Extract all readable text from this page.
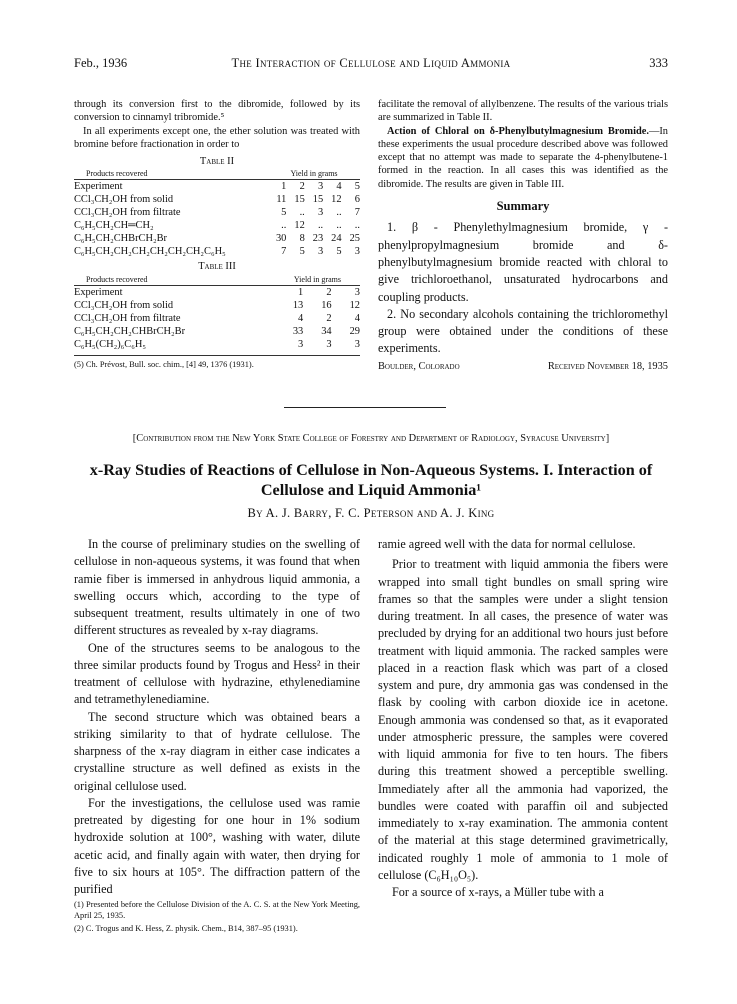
Feb., 1936	The Interaction of Cellulose and Liquid Ammonia	333

through its conversion first to the dibromide, followed by its conversion to cinnamyl tribromide.⁵

In all experiments except one, the ether solution was treated with bromine before fractionation in order to

Table II
Products recovered	Yield in grams				
Experiment	1	2	3	4	5
CCl₃CH₂OH from solid	11	15	15	12	6
CCl₃CH₂OH from filtrate	5	..	3	..	7
C₆H₅CH₂CH═CH₂	..	12	..	..	..
C₆H₅CH₂CHBrCH₂Br	30	8	23	24	25
C₆H₅CH₂CH₂CH₂CH₂CH₂CH₂C₆H₅	7	5	3	5	3
Table III
Products recovered	Yield in grams		
Experiment	1	2	3
CCl₃CH₂OH from solid	13	16	12
CCl₃CH₂OH from filtrate	4	2	4
C₆H₅CH₂CH₂CHBrCH₂Br	33	34	29
C₆H₅(CH₂)₆C₆H₅	3	3	3
(5) Ch. Prévost, Bull. soc. chim., [4] 49, 1376 (1931).

facilitate the removal of allylbenzene. The results of the various trials are summarized in Table II.

Action of Chloral on δ-Phenylbutylmagnesium Bromide.—In these experiments the usual procedure described above was followed except that no attempt was made to separate the 4-phenylbutene-1 formed in the reaction. In all cases this was identified as the dibromide. The results are given in Table III.

Summary

1. β - Phenylethylmagnesium bromide, γ - phenylpropylmagnesium bromide and δ-phenylbutylmagnesium bromide reacted with chloral to give trichloroethanol, unsaturated hydrocarbons and coupling products.

2. No secondary alcohols containing the trichloromethyl group were obtained under the conditions of these experiments.

Boulder, Colorado	Received November 18, 1935
[Contribution from the New York State College of Forestry and Department of Radiology, Syracuse University]
x-Ray Studies of Reactions of Cellulose in Non-Aqueous Systems. I. Interaction of Cellulose and Liquid Ammonia¹
By A. J. Barry, F. C. Peterson and A. J. King

In the course of preliminary studies on the swelling of cellulose in non-aqueous systems, it was found that when ramie fiber is immersed in anhydrous liquid ammonia, a swelling occurs which, according to the type of subsequent treatment, results ultimately in one of two different structures as revealed by x-ray diagrams.

One of the structures seems to be analogous to the three similar products found by Trogus and Hess² in their treatment of cellulose with hydrazine, ethylenediamine and tetramethylenediamine.

The second structure which was obtained bears a striking similarity to that of hydrate cellulose. The sharpness of the x-ray diagram in either case indicates a crystalline structure as well defined as exists in the original cellulose used.

For the investigations, the cellulose used was ramie pretreated by digesting for one hour in 1% sodium hydroxide solution at 100°, washing with water, dilute acetic acid, and finally again with water, then drying for five to six hours at 105°. The diffraction pattern of the purified

(1) Presented before the Cellulose Division of the A. C. S. at the New York Meeting, April 25, 1935.
(2) C. Trogus and K. Hess, Z. physik. Chem., B14, 387–95 (1931).

ramie agreed well with the data for normal cellulose.

Prior to treatment with liquid ammonia the fibers were wrapped into small tight bundles on small spring wire frames so that the samples were under a slight tension during treatment. In all cases, the presence of water was precluded by drying for an additional two hours just before treatment with liquid ammonia. The racked samples were placed in a reaction flask which was part of a closed system and pure, dry ammonia gas was condensed in the flask by cooling with carbon dioxide ice in acetone. Enough ammonia was condensed so that, as it evaporated under atmospheric pressure, the samples were covered with liquid ammonia for five to ten hours. The fibers during this treatment showed a perceptible swelling. Immediately after all the ammonia had vaporized, the bundles were coated with paraffin oil and subjected immediately to x-ray examination. The ammonia content of the material at this stage determined gravimetrically, indicated roughly 1 mole of ammonia to 1 mole of cellulose (C₆H₁₀O₅).

For a source of x-rays, a Müller tube with a
